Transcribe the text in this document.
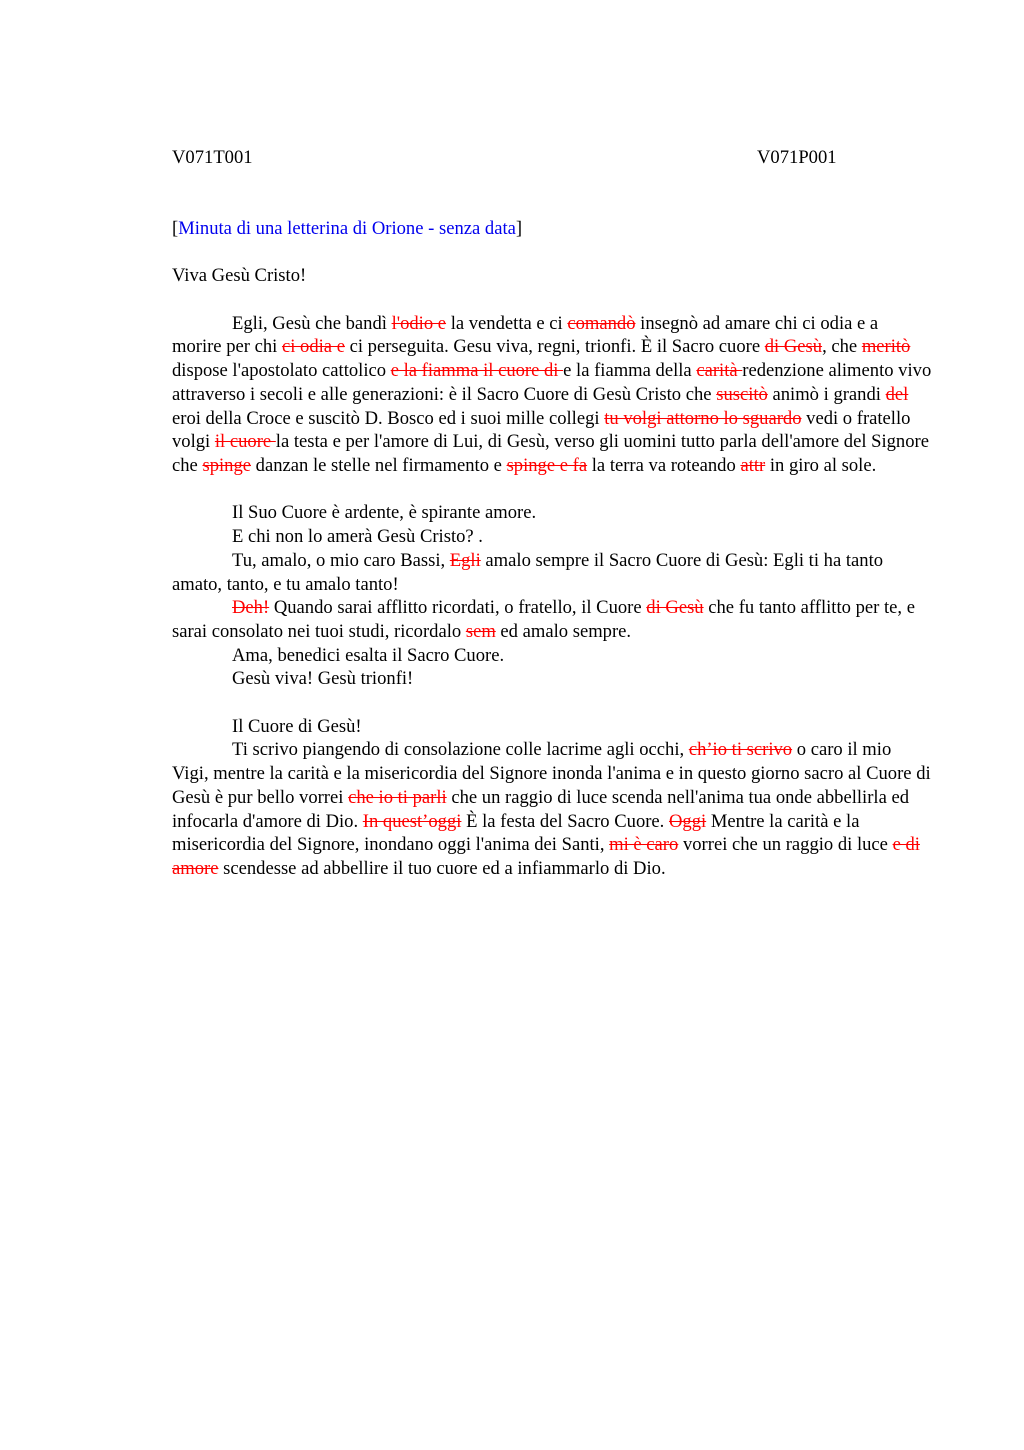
V071T001	V071P001

[Minuta di una letterina di Orione - senza data]

Viva Gesù Cristo!

Egli, Gesù che bandì l'odio e la vendetta e ci comandò insegnò ad amare chi ci odia e a morire per chi ci odia e ci perseguita. Gesu viva, regni, trionfi. È il Sacro cuore di Gesù, che meritò dispose l'apostolato cattolico e la fiamma il cuore di e la fiamma della carità redenzione alimento vivo attraverso i secoli e alle generazioni: è il Sacro Cuore di Gesù Cristo che suscitò animò i grandi del eroi della Croce e suscitò D. Bosco ed i suoi mille collegi tu volgi attorno lo sguardo vedi o fratello volgi il cuore la testa e per l'amore di Lui, di Gesù, verso gli uomini tutto parla dell'amore del Signore che spinge danzan le stelle nel firmamento e spinge e fa la terra va roteando attr in giro al sole.

Il Suo Cuore è ardente, è spirante amore.

E chi non lo amerà Gesù Cristo? .

Tu, amalo, o mio caro Bassi, Egli amalo sempre il Sacro Cuore di Gesù: Egli ti ha tanto amato, tanto, e tu amalo tanto!

Deh! Quando sarai afflitto ricordati, o fratello, il Cuore di Gesù che fu tanto afflitto per te, e sarai consolato nei tuoi studi, ricordalo sem ed amalo sempre.

Ama, benedici esalta il Sacro Cuore.

Gesù viva! Gesù trionfi!

Il Cuore di Gesù!

Ti scrivo piangendo di consolazione colle lacrime agli occhi, ch’io ti scrivo o caro il mio Vigi, mentre la carità e la misericordia del Signore inonda l'anima e in questo giorno sacro al Cuore di Gesù è pur bello vorrei che io ti parli che un raggio di luce scenda nell'anima tua onde abbellirla ed infocarla d'amore di Dio. In quest’oggi È la festa del Sacro Cuore. Oggi Mentre la carità e la misericordia del Signore, inondano oggi l'anima dei Santi, mi è caro vorrei che un raggio di luce e di amore scendesse ad abbellire il tuo cuore ed a infiammarlo di Dio.
